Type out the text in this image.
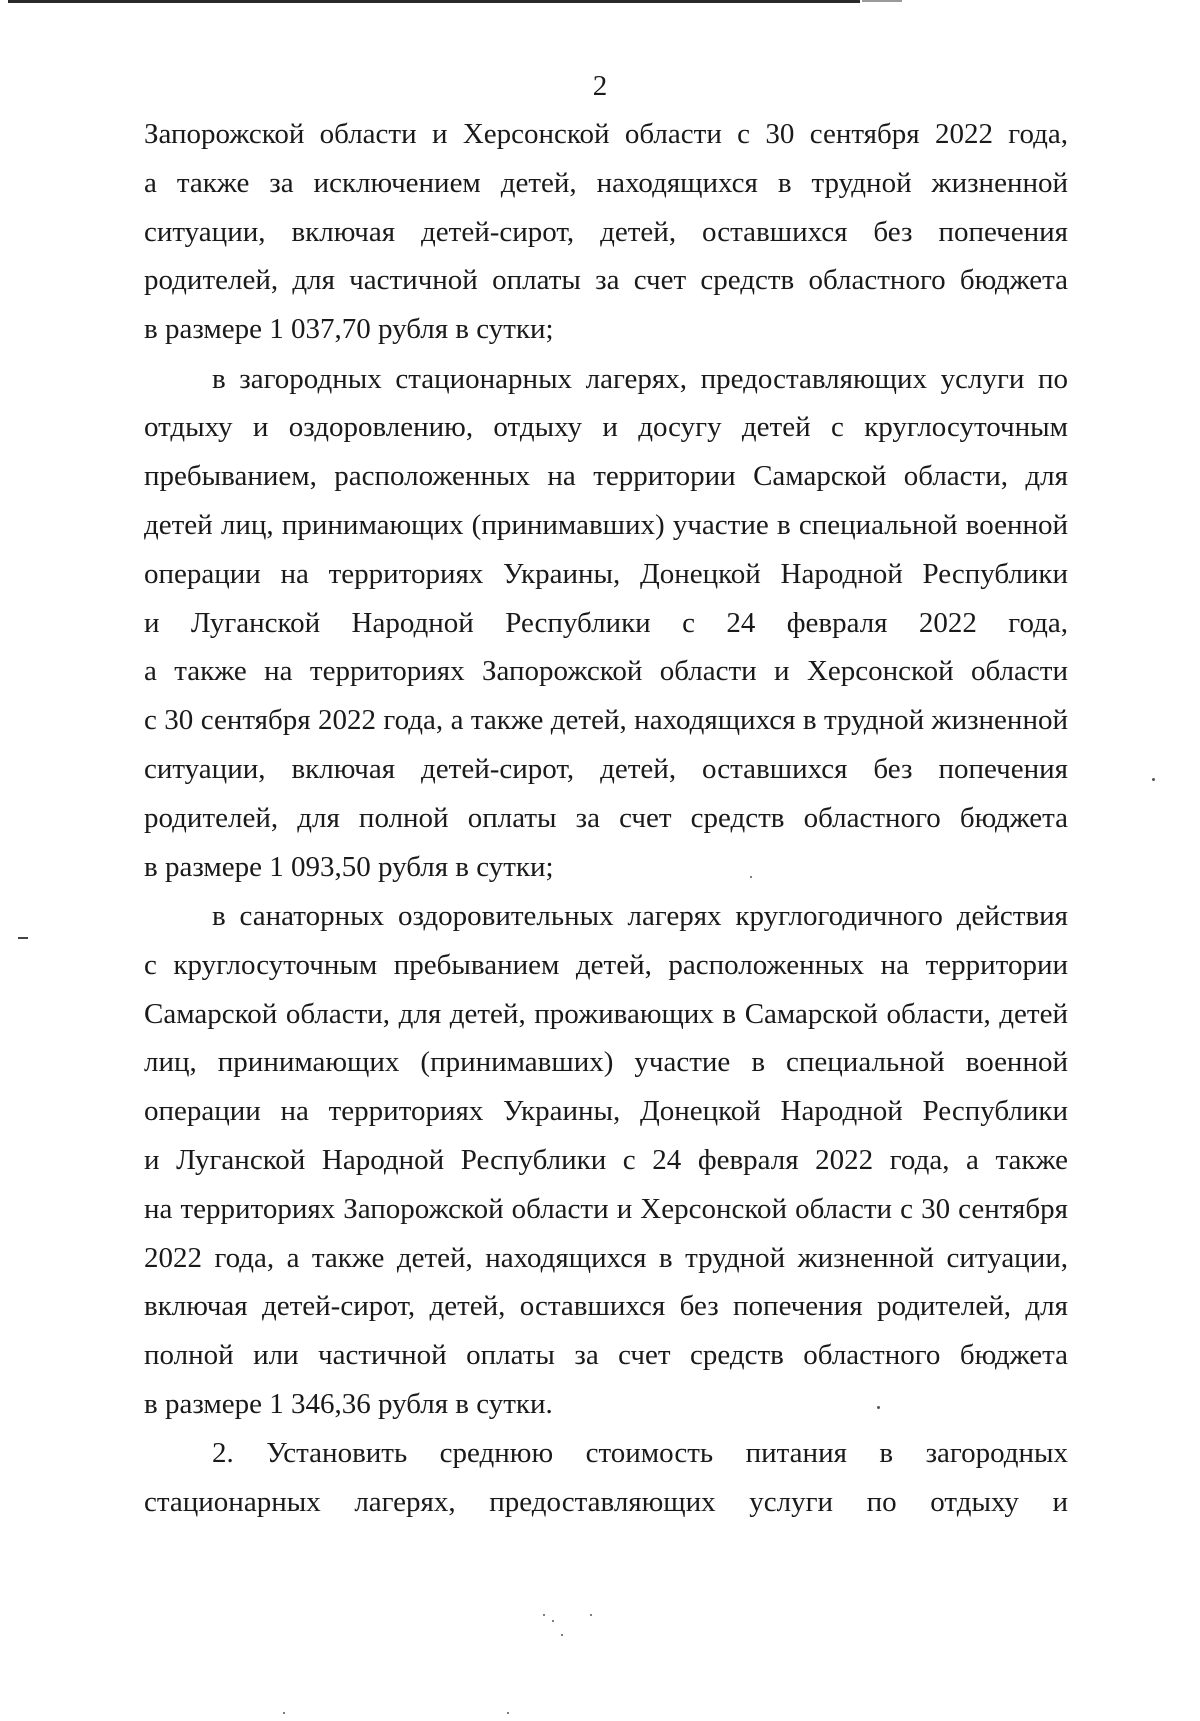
2
Запорожской области и Херсонской области с 30 сентября 2022 года,
а также за исключением детей, находящихся в трудной жизненной
ситуации, включая детей-сирот, детей, оставшихся без попечения
родителей, для частичной оплаты за счет средств областного бюджета
в размере 1 037,70 рубля в сутки;
в загородных стационарных лагерях, предоставляющих услуги по
отдыху и оздоровлению, отдыху и досугу детей с круглосуточным
пребыванием, расположенных на территории Самарской области, для
детей лиц, принимающих (принимавших) участие в специальной военной
операции на территориях Украины, Донецкой Народной Республики
и Луганской Народной Республики с 24 февраля 2022 года,
а также на территориях Запорожской области и Херсонской области
с 30 сентября 2022 года, а также детей, находящихся в трудной жизненной
ситуации, включая детей-сирот, детей, оставшихся без попечения
родителей, для полной оплаты за счет средств областного бюджета
в размере 1 093,50 рубля в сутки;
в санаторных оздоровительных лагерях круглогодичного действия
с круглосуточным пребыванием детей, расположенных на территории
Самарской области, для детей, проживающих в Самарской области, детей
лиц, принимающих (принимавших) участие в специальной военной
операции на территориях Украины, Донецкой Народной Республики
и Луганской Народной Республики с 24 февраля 2022 года, а также
на территориях Запорожской области и Херсонской области с 30 сентября
2022 года, а также детей, находящихся в трудной жизненной ситуации,
включая детей-сирот, детей, оставшихся без попечения родителей, для
полной или частичной оплаты за счет средств областного бюджета
в размере 1 346,36 рубля в сутки.
2. Установить среднюю стоимость питания в загородных
стационарных лагерях, предоставляющих услуги по отдыху и
